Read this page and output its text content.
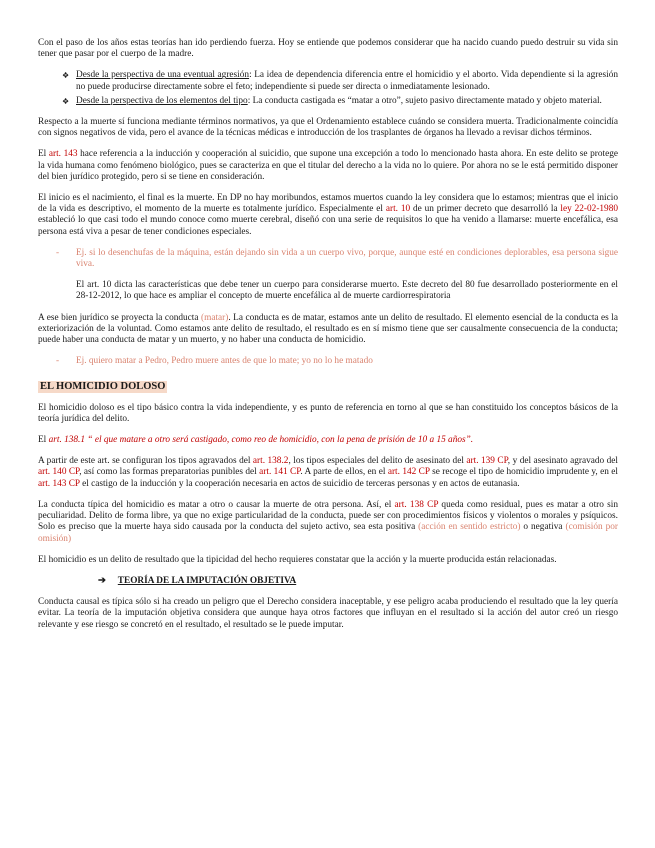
Con el paso de los años estas teorías han ido perdiendo fuerza. Hoy se entiende que podemos considerar que ha nacido cuando puedo destruir su vida sin tener que pasar por el cuerpo de la madre.

❖ Desde la perspectiva de una eventual agresión: La idea de dependencia diferencia entre el homicidio y el aborto. Vida dependiente si la agresión no puede producirse directamente sobre el feto; independiente si puede ser directa o inmediatamente lesionado.
❖ Desde la perspectiva de los elementos del tipo: La conducta castigada es “matar a otro”, sujeto pasivo directamente matado y objeto material.

Respecto a la muerte sí funciona mediante términos normativos, ya que el Ordenamiento establece cuándo se considera muerta. Tradicionalmente coincidía con signos negativos de vida, pero el avance de la técnicas médicas e introducción de los trasplantes de órganos ha llevado a revisar dichos términos.

El art. 143 hace referencia a la inducción y cooperación al suicidio, que supone una excepción a todo lo mencionado hasta ahora. En este delito se protege la vida humana como fenómeno biológico, pues se caracteriza en que el titular del derecho a la vida no lo quiere. Por ahora no se le está permitido disponer del bien jurídico protegido, pero si se tiene en consideración.

El inicio es el nacimiento, el final es la muerte. En DP no hay moribundos, estamos muertos cuando la ley considera que lo estamos; mientras que el inicio de la vida es descriptivo, el momento de la muerte es totalmente jurídico. Especialmente el art. 10 de un primer decreto que desarrolló la ley 22-02-1980 estableció lo que casi todo el mundo conoce como muerte cerebral, diseñó con una serie de requisitos lo que ha venido a llamarse: muerte encefálica, esa persona está viva a pesar de tener condiciones especiales.

- Ej. si lo desenchufas de la máquina, están dejando sin vida a un cuerpo vivo, porque, aunque esté en condiciones deplorables, esa persona sigue viva.

El art. 10 dicta las características que debe tener un cuerpo para considerarse muerto. Este decreto del 80 fue desarrollado posteriormente en el 28-12-2012, lo que hace es ampliar el concepto de muerte encefálica al de muerte cardiorrespiratoria

A ese bien jurídico se proyecta la conducta (matar). La conducta es de matar, estamos ante un delito de resultado. El elemento esencial de la conducta es la exteriorización de la voluntad. Como estamos ante delito de resultado, el resultado es en sí mismo tiene que ser causalmente consecuencia de la conducta; puede haber una conducta de matar y un muerto, y no haber una conducta de homicidio.

- Ej. quiero matar a Pedro, Pedro muere antes de que lo mate; yo no lo he matado
EL HOMICIDIO DOLOSO

El homicidio doloso es el tipo básico contra la vida independiente, y es punto de referencia en torno al que se han constituido los conceptos básicos de la teoría jurídica del delito.

El art. 138.1 “ el que matare a otro será castigado, como reo de homicidio, con la pena de prisión de 10 a 15 años”.

A partir de este art. se configuran los tipos agravados del art. 138.2, los tipos especiales del delito de asesinato del art. 139 CP, y del asesinato agravado del art. 140 CP, así como las formas preparatorias punibles del art. 141 CP. A parte de ellos, en el art. 142 CP se recoge el tipo de homicidio imprudente y, en el art. 143 CP el castigo de la inducción y la cooperación necesaria en actos de suicidio de terceras personas y en actos de eutanasia.

La conducta típica del homicidio es matar a otro o causar la muerte de otra persona. Así, el art. 138 CP queda como residual, pues es matar a otro sin peculiaridad. Delito de forma libre, ya que no exige particularidad de la conducta, puede ser con procedimientos físicos y violentos o morales y psíquicos. Solo es preciso que la muerte haya sido causada por la conducta del sujeto activo, sea esta positiva (acción en sentido estricto) o negativa (comisión por omisión)

El homicidio es un delito de resultado que la tipicidad del hecho requieres constatar que la acción y la muerte producida están relacionadas.

➔ TEORÍA DE LA IMPUTACIÓN OBJETIVA

Conducta causal es típica sólo si ha creado un peligro que el Derecho considera inaceptable, y ese peligro acaba produciendo el resultado que la ley quería evitar. La teoría de la imputación objetiva considera que aunque haya otros factores que influyan en el resultado si la acción del autor creó un riesgo relevante y ese riesgo se concretó en el resultado, el resultado se le puede imputar.
